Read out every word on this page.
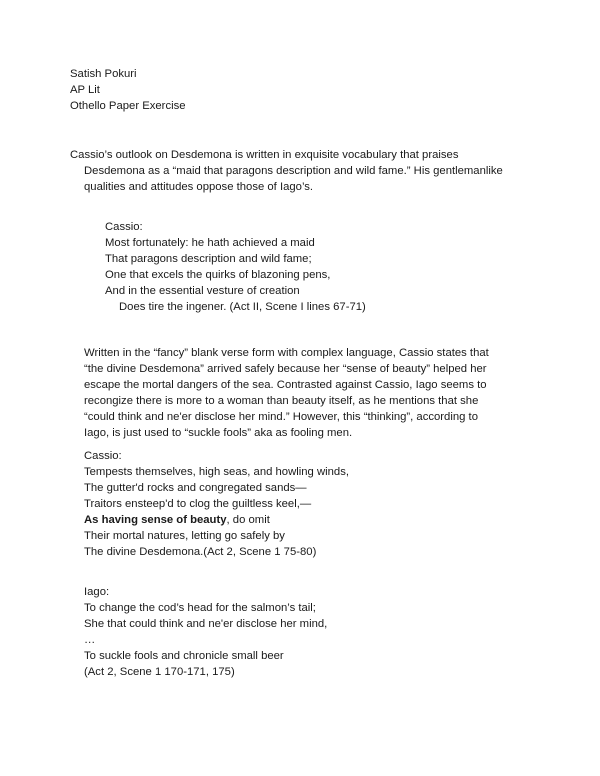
Satish Pokuri
AP Lit
Othello Paper Exercise
Cassio’s outlook on Desdemona is written in exquisite vocabulary that praises
Desdemona as a “maid that paragons description and wild fame.” His gentlemanlike
qualities and attitudes oppose those of Iago’s.
Cassio:
Most fortunately: he hath achieved a maid
That paragons description and wild fame;
One that excels the quirks of blazoning pens,
And in the essential vesture of creation
Does tire the ingener. (Act II, Scene I lines 67-71)
Written in the “fancy” blank verse form with complex language, Cassio states that
“the divine Desdemona” arrived safely because her “sense of beauty” helped her
escape the mortal dangers of the sea. Contrasted against Cassio, Iago seems to
recongize there is more to a woman than beauty itself, as he mentions that she
“could think and ne'er disclose her mind.” However, this “thinking”, according to
Iago, is just used to “suckle fools” aka as fooling men.
Cassio:
Tempests themselves, high seas, and howling winds,
The gutter'd rocks and congregated sands—
Traitors ensteep'd to clog the guiltless keel,—
As having sense of beauty, do omit
Their mortal natures, letting go safely by
The divine Desdemona.(Act 2, Scene 1 75-80)
Iago:
To change the cod’s head for the salmon’s tail;
She that could think and ne'er disclose her mind,
…
To suckle fools and chronicle small beer
(Act 2, Scene 1 170-171, 175)
